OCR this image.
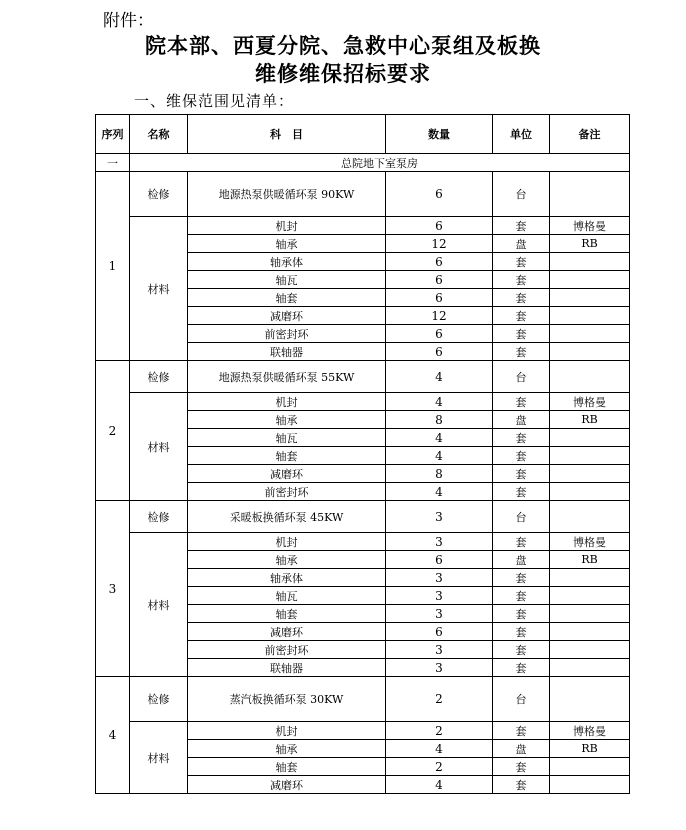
附件：
院本部、西夏分院、急救中心泵组及板换
维修维保招标要求
一、维保范围见清单：
序列	名称	科　目	数量	单位	备注
一	总院地下室泵房				
1	检修	地源热泵供暖循环泵 90KW	6	台	
	材料	机封	6	套	博格曼
		轴承	12	盘	RB
		轴承体	6	套	
		轴瓦	6	套	
		轴套	6	套	
		减磨环	12	套	
		前密封环	6	套	
		联轴器	6	套	
2	检修	地源热泵供暖循环泵 55KW	4	台	
	材料	机封	4	套	博格曼
		轴承	8	盘	RB
		轴瓦	4	套	
		轴套	4	套	
		减磨环	8	套	
		前密封环	4	套	
3	检修	采暖板换循环泵 45KW	3	台	
	材料	机封	3	套	博格曼
		轴承	6	盘	RB
		轴承体	3	套	
		轴瓦	3	套	
		轴套	3	套	
		减磨环	6	套	
		前密封环	3	套	
		联轴器	3	套	
4	检修	蒸汽板换循环泵 30KW	2	台	
	材料	机封	2	套	博格曼
		轴承	4	盘	RB
		轴套	2	套	
		减磨环	4	套	
